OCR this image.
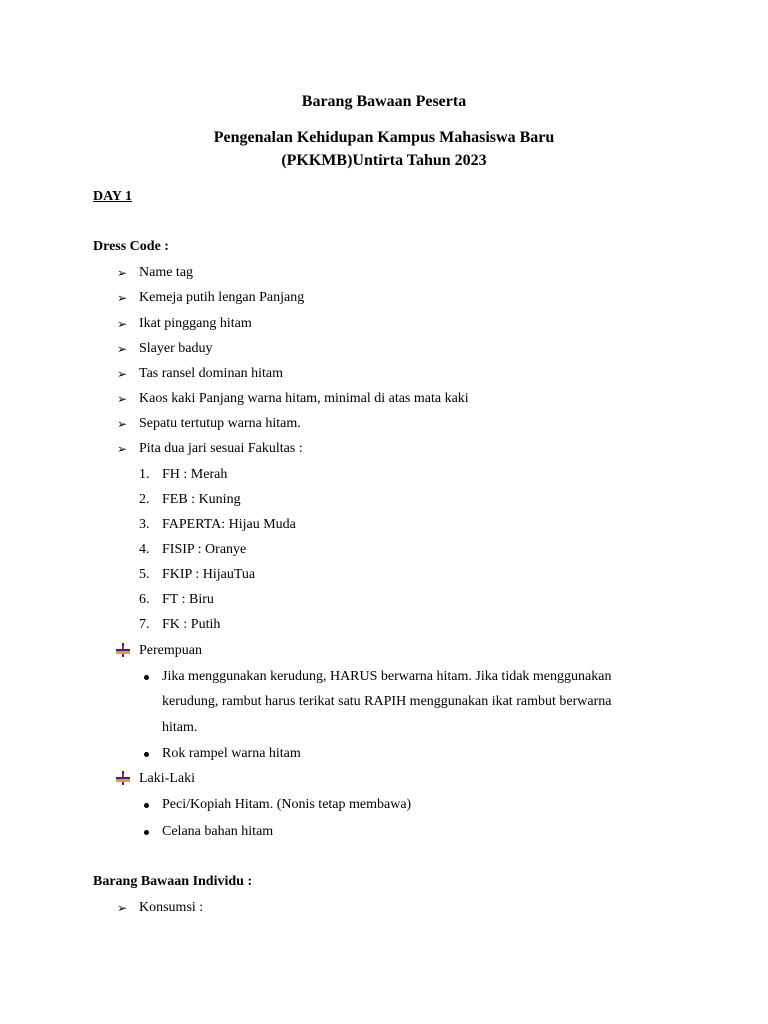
Barang Bawaan Peserta
Pengenalan Kehidupan Kampus Mahasiswa Baru
(PKKMB)Untirta Tahun 2023
DAY 1
Dress Code :
➢ Name tag
➢ Kemeja putih lengan Panjang
➢ Ikat pinggang hitam
➢ Slayer baduy
➢ Tas ransel dominan hitam
➢ Kaos kaki Panjang warna hitam, minimal di atas mata kaki
➢ Sepatu tertutup warna hitam.
➢ Pita dua jari sesuai Fakultas :
1. FH : Merah
2. FEB : Kuning
3. FAPERTA: Hijau Muda
4. FISIP : Oranye
5. FKIP : HijauTua
6. FT : Biru
7. FK : Putih
Perempuan
Jika menggunakan kerudung, HARUS berwarna hitam. Jika tidak menggunakan
kerudung, rambut harus terikat satu RAPIH menggunakan ikat rambut berwarna
hitam.
Rok rampel warna hitam
Laki-Laki
Peci/Kopiah Hitam. (Nonis tetap membawa)
Celana bahan hitam
Barang Bawaan Individu :
➢ Konsumsi :
